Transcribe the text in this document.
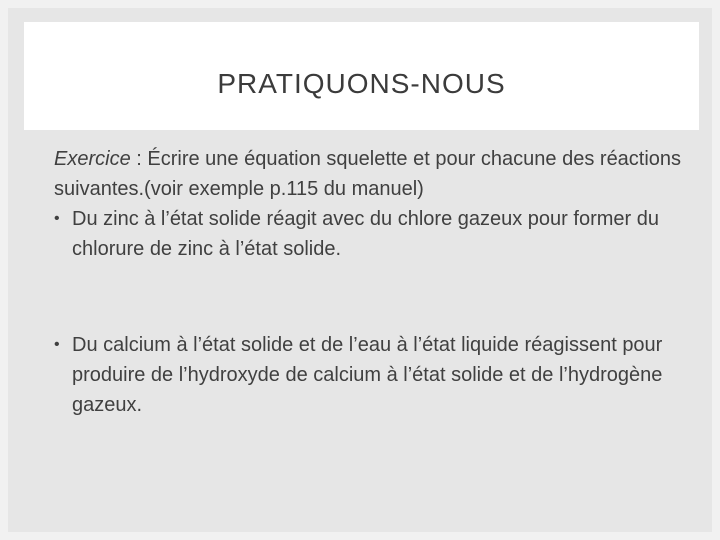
PRATIQUONS-NOUS

Exercice : Écrire une équation squelette et pour chacune des réactions suivantes.(voir exemple p.115 du manuel)

• Du zinc à l’état solide réagit avec du chlore gazeux pour former du chlorure de zinc à l’état solide.

• Du calcium à l’état solide et de l’eau à l’état liquide réagissent pour produire de l’hydroxyde de calcium à l’état solide et de l’hydrogène gazeux.
